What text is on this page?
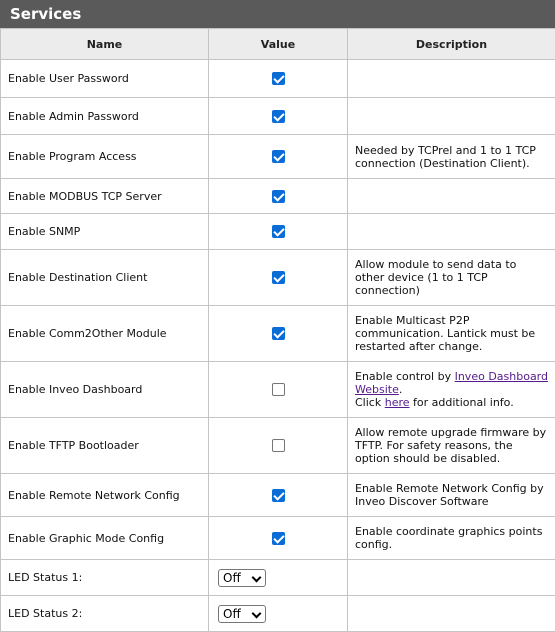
Services
Name	Value	Description
Enable User Password		
Enable Admin Password		
Enable Program Access		Needed by TCPrel and 1 to 1 TCP connection (Destination Client).
Enable MODBUS TCP Server		
Enable SNMP		
Enable Destination Client		Allow module to send data to other device (1 to 1 TCP connection)
Enable Comm2Other Module		Enable Multicast P2P communication. Lantick must be restarted after change.
Enable Inveo Dashboard		Enable control by Inveo Dashboard Website.
Click here for additional info.
Enable TFTP Bootloader		Allow remote upgrade firmware by TFTP. For safety reasons, the option should be disabled.
Enable Remote Network Config		Enable Remote Network Config by Inveo Discover Software
Enable Graphic Mode Config		Enable coordinate graphics points config.
LED Status 1:	Off

LED Status 2:	Off
